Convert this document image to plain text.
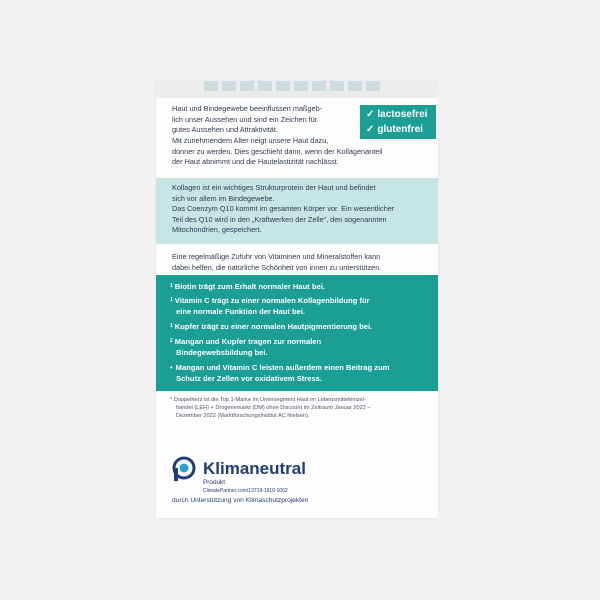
Haut und Bindegewebe beeinflussen maßgeb-
lich unser Aussehen und sind ein Zeichen für
gutes Aussehen und Attraktivität.
✓ lactosefrei
✓ glutenfrei
Mit zunehmendem Alter neigt unsere Haut dazu,
dünner zu werden. Dies geschieht dann, wenn der Kollagenanteil
der Haut abnimmt und die Hautelastizität nachlässt.
Kollagen ist ein wichtiges Strukturprotein der Haut und befindet
sich vor allem im Bindegewebe.
Das Coenzym Q10 kommt im gesamten Körper vor. Ein wesentlicher
Teil des Q10 wird in den „Kraftwerken der Zelle“, den sogenannten
Mitochondrien, gespeichert.
Eine regelmäßige Zufuhr von Vitaminen und Mineralstoffen kann
dabei helfen, die natürliche Schönheit von innen zu unterstützen.
$^1$ Biotin trägt zum Erhalt normaler Haut bei.
$^1$ Vitamin C trägt zu einer normalen Kollagenbildung für
eine normale Funktion der Haut bei.
$^1$ Kupfer trägt zu einer normalen Hautpigmentierung bei.
$^2$ Mangan und Kupfer tragen zur normalen
Bindegewebsbildung bei.
• Mangan und Vitamin C leisten außerdem einen Beitrag zum
Schutz der Zellen vor oxidativem Stress.
* Doppelherz ist die Top 1-Marke im Untersegment Haut im Lebensmitteleinzel-
handel (LEH) + Drogeriemarkt (DM) ohne Discount im Zeitraum Januar 2022 –
Dezember 2022 (Marktforschungsinstitut AC Nielsen).
Klimaneutral
Produkt
ClimatePartner.com/13719-1910-1002
durch Unterstützung von Klimaschutzprojekten
